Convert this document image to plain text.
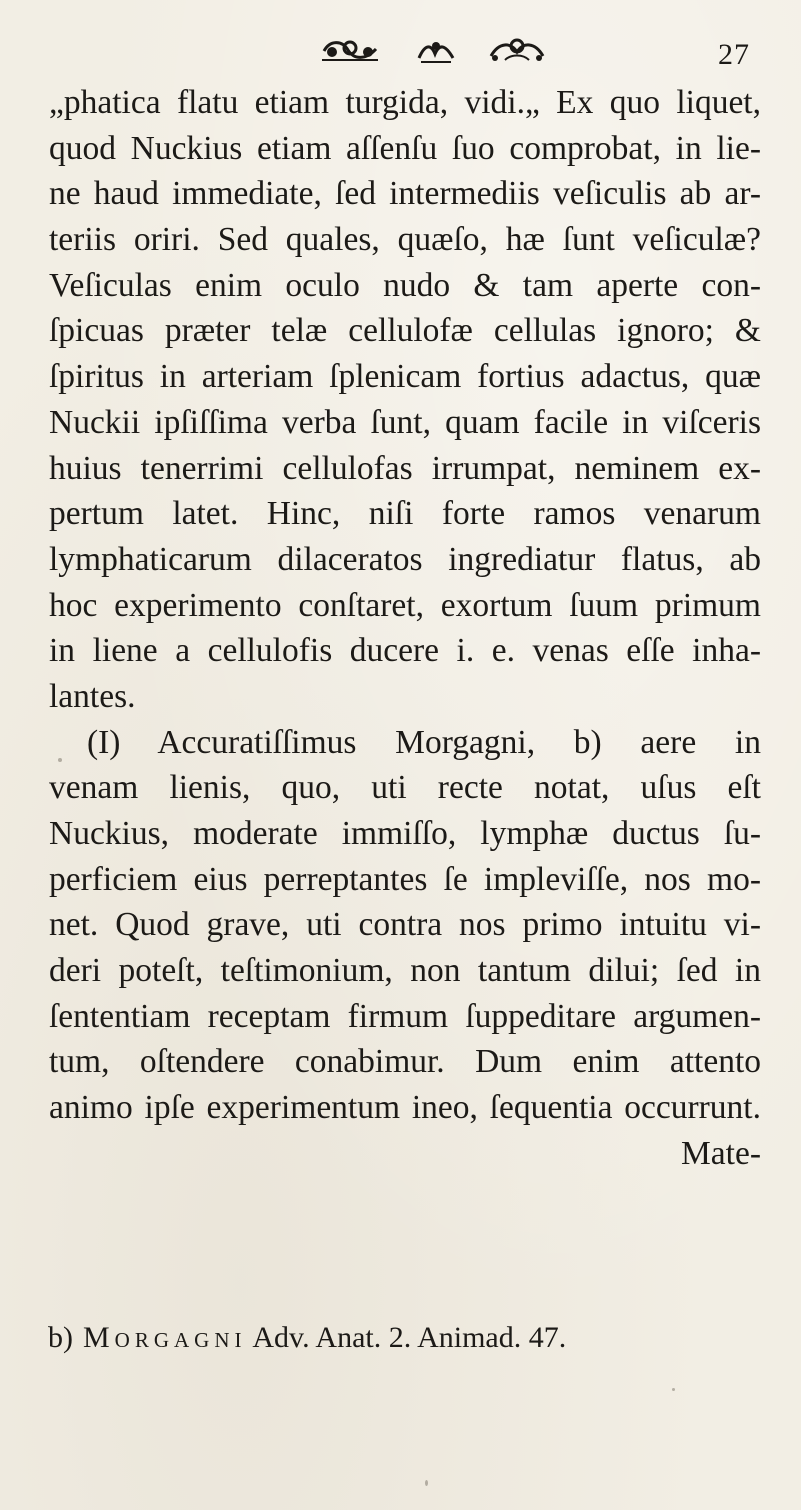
27
„phatica flatu etiam turgida, vidi.„ Ex quo liquet,
quod Nuckius etiam aſſenſu ſuo comprobat, in lie-
ne haud immediate, ſed intermediis veſiculis ab ar-
teriis oriri. Sed quales, quæſo, hæ ſunt veſiculæ?
Veſiculas enim oculo nudo & tam aperte con-
ſpicuas præter telæ cellulofæ cellulas ignoro; &
ſpiritus in arteriam ſplenicam fortius adactus, quæ
Nuckii ipſiſſima verba ſunt, quam facile in viſceris
huius tenerrimi cellulofas irrumpat, neminem ex-
pertum latet. Hinc, niſi forte ramos venarum
lymphaticarum dilaceratos ingrediatur flatus, ab
hoc experimento conſtaret, exortum ſuum primum
in liene a cellulofis ducere i. e. venas eſſe inha-
lantes.
(I) Accuratiſſimus Morgagni, b) aere in
venam lienis, quo, uti recte notat, uſus eſt
Nuckius, moderate immiſſo, lymphæ ductus ſu-
perficiem eius perreptantes ſe impleviſſe, nos mo-
net. Quod grave, uti contra nos primo intuitu vi-
deri poteſt, teſtimonium, non tantum dilui; ſed in
ſententiam receptam firmum ſuppeditare argumen-
tum, oſtendere conabimur. Dum enim attento
animo ipſe experimentum ineo, ſequentia occurrunt.
Mate-
b) Morgagni Adv. Anat. 2. Animad. 47.
